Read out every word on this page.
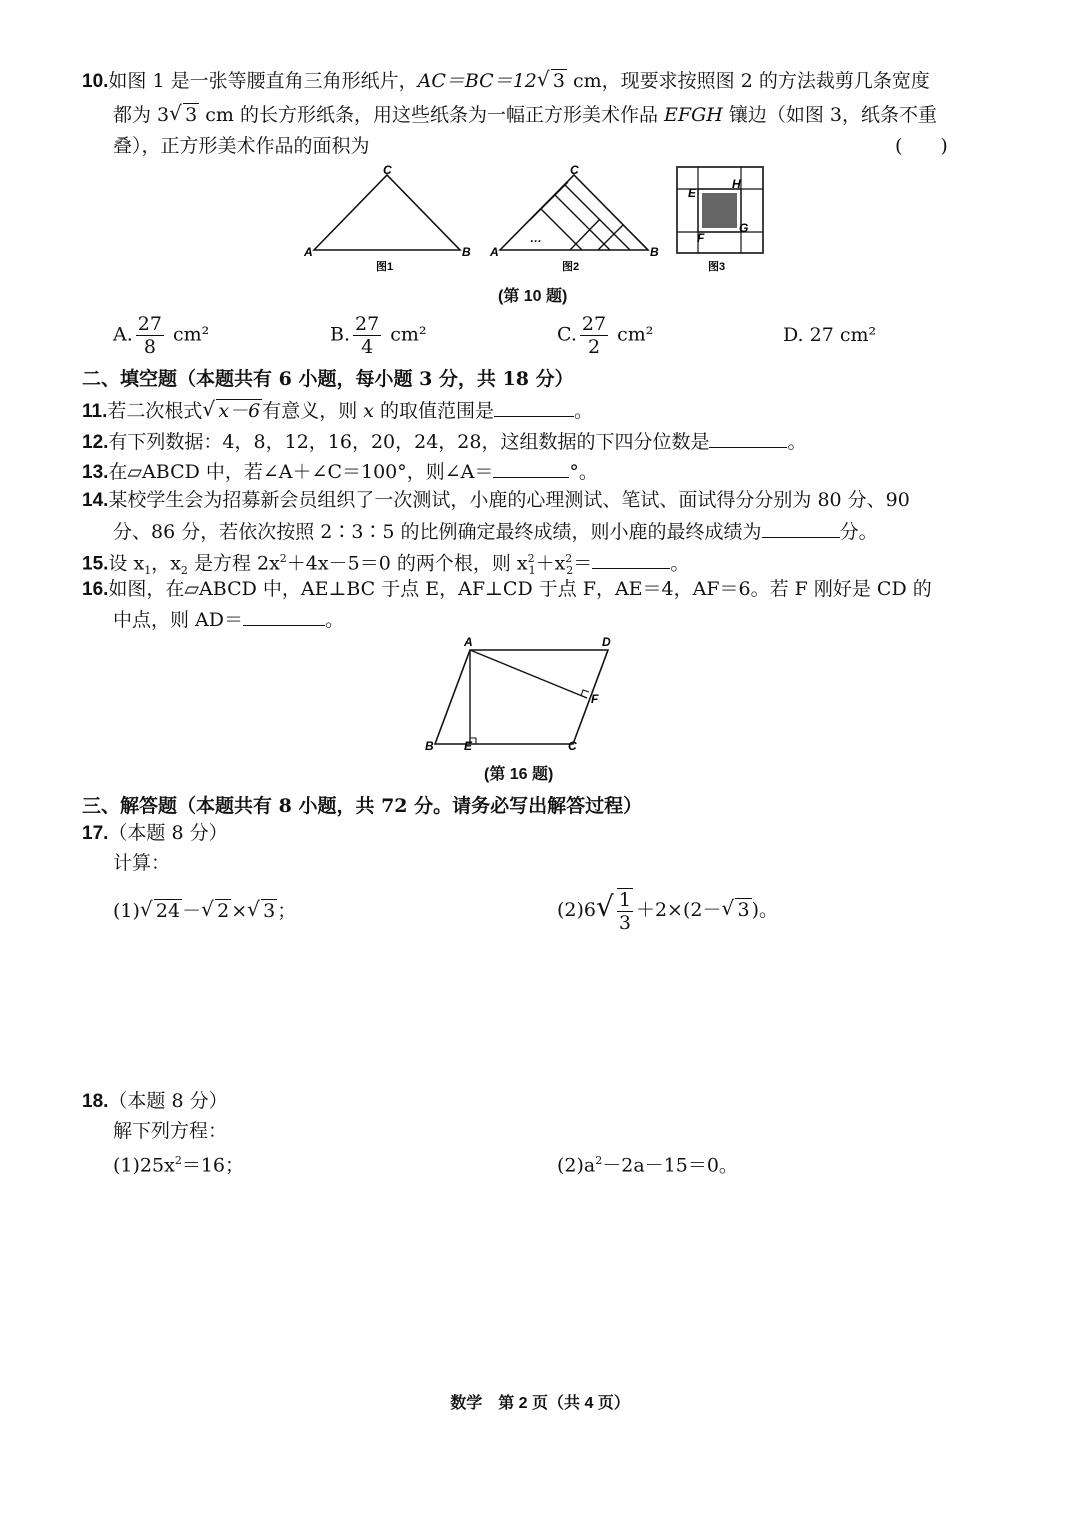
10.如图 1 是一张等腰直角三角形纸片，AC＝BC＝12√ 3 cm，现要求按照图 2 的方法裁剪几条宽度
都为 3√ 3 cm 的长方形纸条，用这些纸条为一幅正方形美术作品 EFGH 镶边（如图 3，纸条不重
叠），正方形美术作品的面积为	(　　)
A
C
B
图1
…
A
C
B
图2
E
H
F
G
图3
(第 10 题)
A. $\frac{27}{8} cm^2$	B. $\frac{27}{4} cm^2$	C. $\frac{27}{2} cm^2$	D. 27 cm²
二、填空题（本题共有 6 小题，每小题 3 分，共 18 分）
11.若二次根式√ x－6 有意义，则 x 的取值范围是	。
12.有下列数据：4，8，12，16，20，24，28，这组数据的下四分位数是	。
13.在▱ABCD 中，若∠A＋∠C＝100°，则∠A＝	°。
14.某校学生会为招募新会员组织了一次测试，小鹿的心理测试、笔试、面试得分分别为 80 分、90
分、86 分，若依次按照 2∶3∶5 的比例确定最终成绩，则小鹿的最终成绩为	分。
15.设 $x_1$，$x_2$ 是方程 $2x^2+4x-5=0$ 的两个根，则 $x^2_1+x^2_2=$	。
16.如图，在▱ABCD 中，AE⊥BC 于点 E，AF⊥CD 于点 F，AE＝4，AF＝6。若 F 刚好是 CD 的
中点，则 AD＝	。
A	D
F
B	E	C
(第 16 题)
三、解答题（本题共有 8 小题，共 72 分。请务必写出解答过程）
17.（本题 8 分）
计算：
(1)√ 24 －√ 2 ×√ 3 ；	$(2)6√ \frac{1}{3} +2\times(2-√$ 3 )。
18.（本题 8 分）
解下列方程：
$(1)25x^2=16$；	$(2)a^2-2a-15=0$。
数学　第 2 页（共 4 页）
